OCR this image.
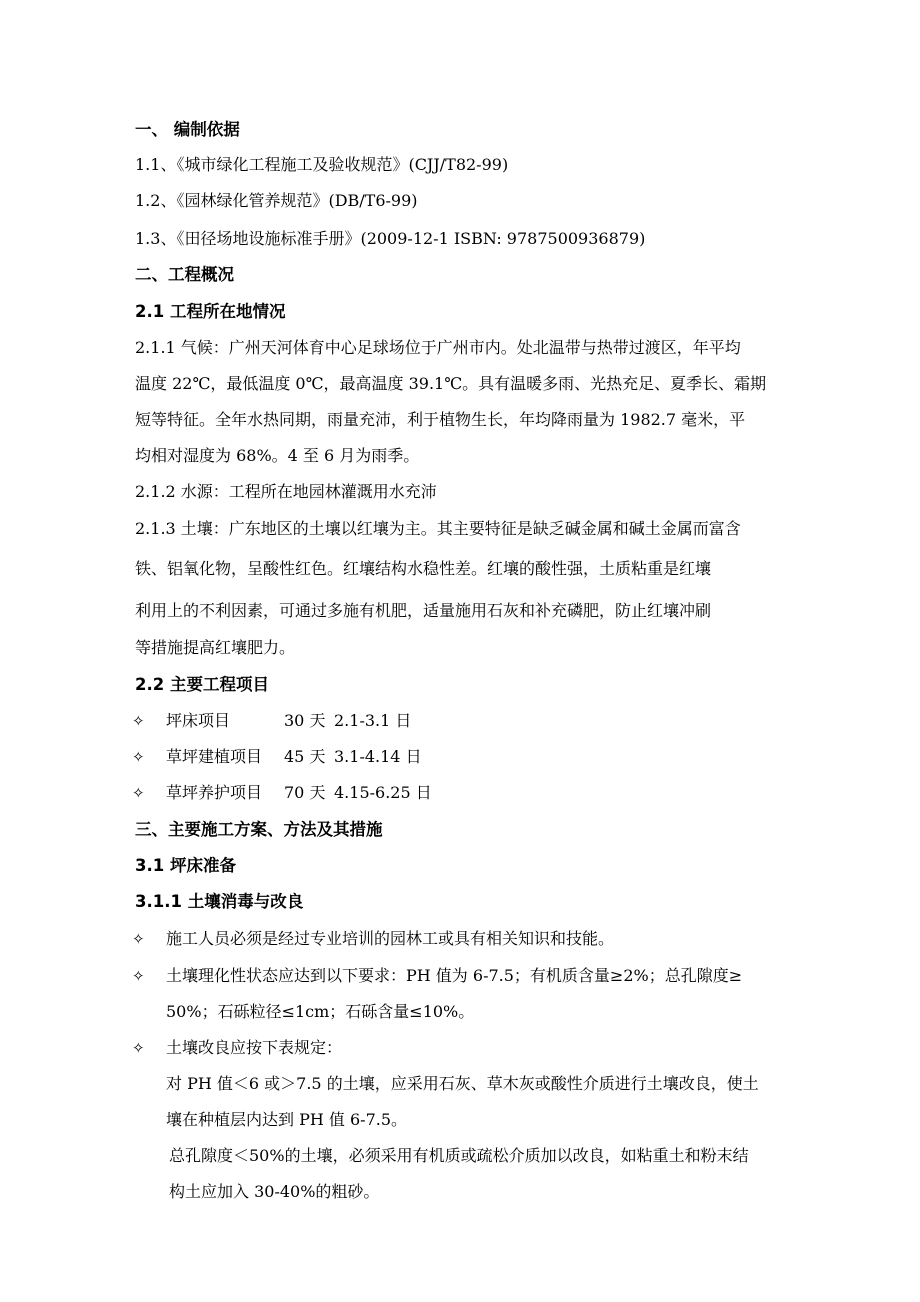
一、 编制依据
1.1、《城市绿化工程施工及验收规范》(CJJ/T82-99)
1.2、《园林绿化管养规范》(DB/T6-99)
1.3、《田径场地设施标准手册》(2009-12-1 ISBN: 9787500936879)
二、工程概况
2.1 工程所在地情况
2.1.1 气候：广州天河体育中心足球场位于广州市内。处北温带与热带过渡区，年平均
温度 22℃，最低温度 0℃，最高温度 39.1℃。具有温暖多雨、光热充足、夏季长、霜期
短等特征。全年水热同期，雨量充沛，利于植物生长，年均降雨量为 1982.7 毫米，平
均相对湿度为 68%。4 至 6 月为雨季。
2.1.2 水源：工程所在地园林灌溉用水充沛
2.1.3 土壤：广东地区的土壤以红壤为主。其主要特征是缺乏碱金属和碱土金属而富含
铁、铝氧化物，呈酸性红色。红壤结构水稳性差。红壤的酸性强，土质粘重是红壤
利用上的不利因素，可通过多施有机肥，适量施用石灰和补充磷肥，防止红壤冲刷
等措施提高红壤肥力。
2.2 主要工程项目
✧ 坪床项目	30 天 2.1-3.1 日
✧ 草坪建植项目 45 天 3.1-4.14 日
✧ 草坪养护项目 70 天 4.15-6.25 日
三、主要施工方案、方法及其措施
3.1 坪床准备
3.1.1 土壤消毒与改良
✧ 施工人员必须是经过专业培训的园林工或具有相关知识和技能。
✧ 土壤理化性状态应达到以下要求：PH 值为 6-7.5；有机质含量≥2%；总孔隙度≥
50%；石砾粒径≤1cm；石砾含量≤10%。
✧ 土壤改良应按下表规定：
对 PH 值＜6 或＞7.5 的土壤，应采用石灰、草木灰或酸性介质进行土壤改良，使土
壤在种植层内达到 PH 值 6-7.5。
总孔隙度＜50%的土壤，必须采用有机质或疏松介质加以改良，如粘重土和粉末结
构土应加入 30-40%的粗砂。
